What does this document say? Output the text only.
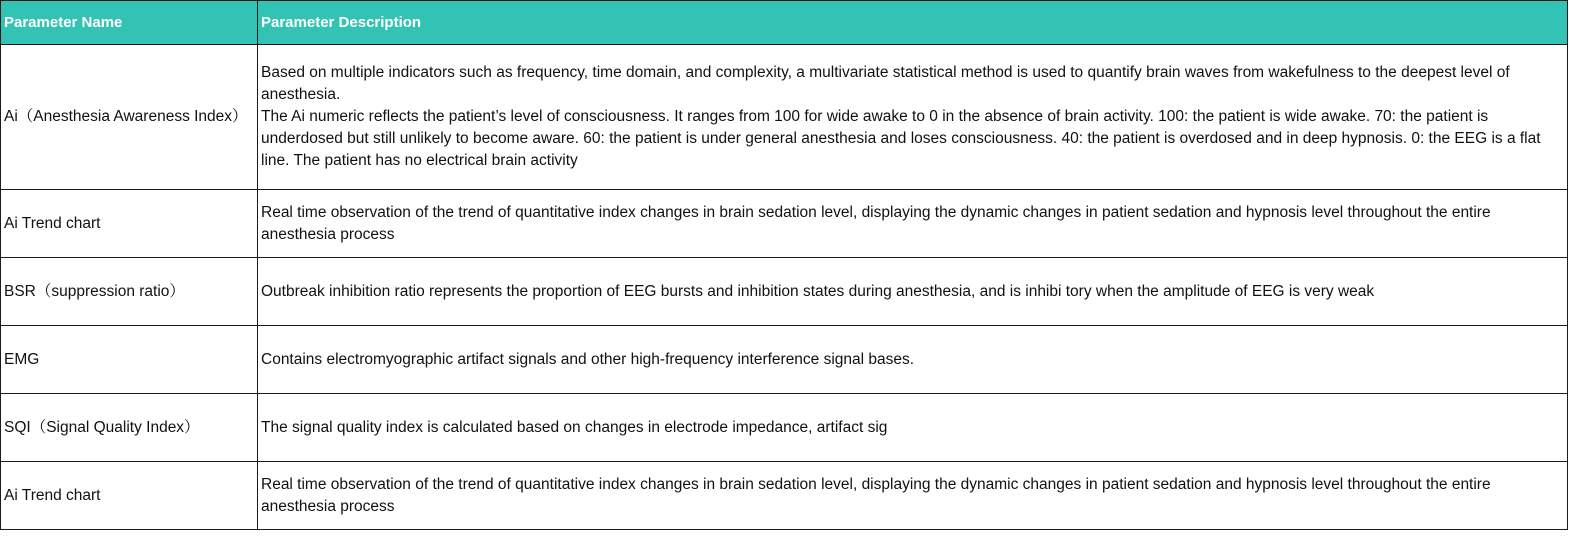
Parameter Name	Parameter Description
Ai（Anesthesia Awareness Index）	Based on multiple indicators such as frequency, time domain, and complexity, a multivariate statistical method is used to quantify brain waves from wakefulness to the deepest level of anesthesia.
The Ai numeric reflects the patient’s level of consciousness. It ranges from 100 for wide awake to 0 in the absence of brain activity. 100: the patient is wide awake. 70: the patient is underdosed but still unlikely to become aware. 60: the patient is under general anesthesia and loses consciousness. 40: the patient is overdosed and in deep hypnosis. 0: the EEG is a flat line. The patient has no electrical brain activity

Ai Trend chart	Real time observation of the trend of quantitative index changes in brain sedation level, displaying the dynamic changes in patient sedation and hypnosis level throughout the entire anesthesia process

BSR（suppression ratio）	Outbreak inhibition ratio represents the proportion of EEG bursts and inhibition states during anesthesia, and is inhibi tory when the amplitude of EEG is very weak

EMG	Contains electromyographic artifact signals and other high-frequency interference signal bases.

SQI（Signal Quality Index）	The signal quality index is calculated based on changes in electrode impedance, artifact sig

Ai Trend chart	Real time observation of the trend of quantitative index changes in brain sedation level, displaying the dynamic changes in patient sedation and hypnosis level throughout the entire anesthesia process
